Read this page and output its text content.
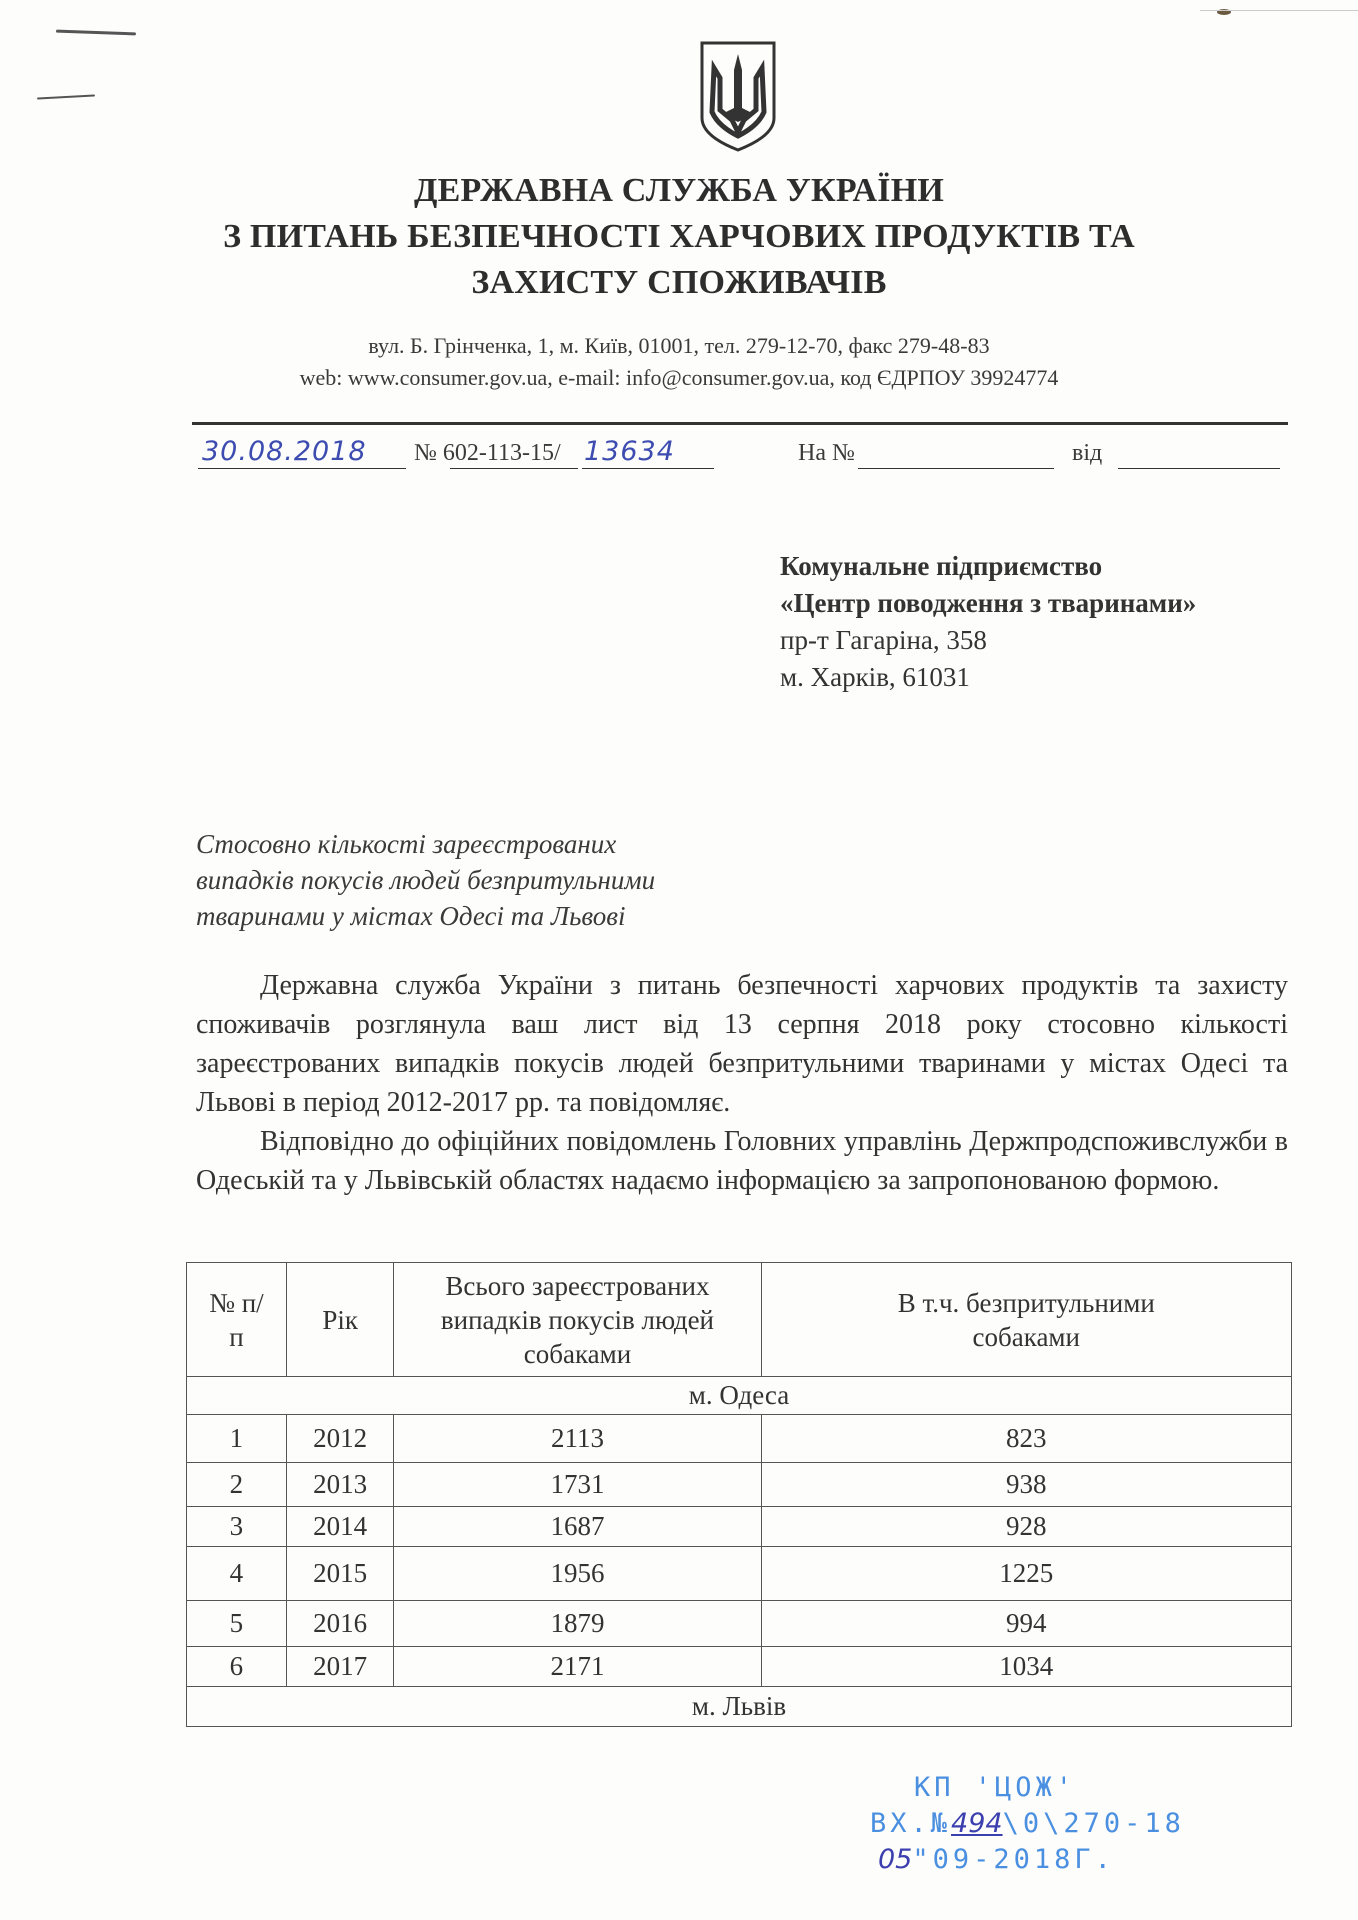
ДЕРЖАВНА СЛУЖБА УКРАЇНИ
З ПИТАНЬ БЕЗПЕЧНОСТІ ХАРЧОВИХ ПРОДУКТІВ ТА
ЗАХИСТУ СПОЖИВАЧІВ
вул. Б. Грінченка, 1, м. Київ, 01001, тел. 279-12-70, факс 279-48-83
web: www.consumer.gov.ua, e-mail: info@consumer.gov.ua, код ЄДРПОУ 39924774
30.08.2018 № 602-113-15/ 13634	На №	від
Комунальне підприємство
«Центр поводження з тваринами»
пр-т Гагаріна, 358
м. Харків, 61031
Стосовно кількості зареєстрованих
випадків покусів людей безпритульними
тваринами у містах Одесі та Львові

Державна служба України з питань безпечності харчових продуктів та захисту споживачів розглянула ваш лист від 13 серпня 2018 року стосовно кількості зареєстрованих випадків покусів людей безпритульними тваринами у містах Одесі та Львові в період 2012-2017 рр. та повідомляє.

Відповідно до офіційних повідомлень Головних управлінь Держпродспоживслужби в Одеській та у Львівській областях надаємо інформацією за запропонованою формою.

№ п/п	Рік	Всього зареєстрованих випадків покусів людей собаками	В т.ч. безпритульними собаками
м. Одеса			
1	2012	2113	823
2	2013	1731	938
3	2014	1687	928
4	2015	1956	1225
5	2016	1879	994
6	2017	2171	1034
м. Львів			
КП 'ЦОЖ'
ВХ.№494\0\270-18
05"09-2018Г.
